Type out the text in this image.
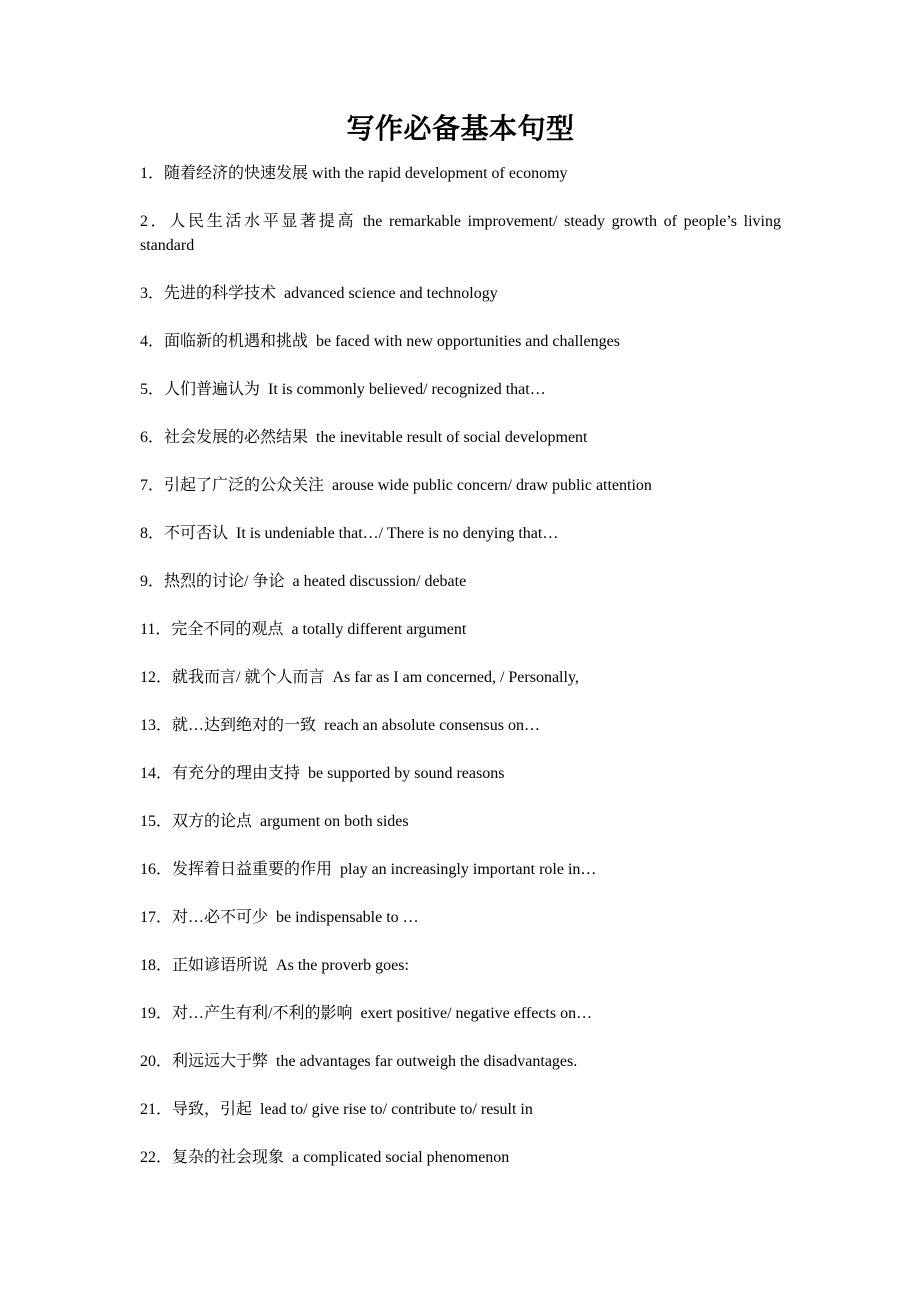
写作必备基本句型

1．随着经济的快速发展 with the rapid development of economy

2．人民生活水平显著提高 the remarkable improvement/ steady growth of people’s living standard

3．先进的科学技术 advanced science and technology

4．面临新的机遇和挑战 be faced with new opportunities and challenges

5．人们普遍认为 It is commonly believed/ recognized that…

6．社会发展的必然结果 the inevitable result of social development

7．引起了广泛的公众关注 arouse wide public concern/ draw public attention

8．不可否认 It is undeniable that…/ There is no denying that…

9．热烈的讨论/ 争论 a heated discussion/ debate

11．完全不同的观点 a totally different argument

12．就我而言/ 就个人而言 As far as I am concerned, / Personally,

13．就…达到绝对的一致 reach an absolute consensus on…

14．有充分的理由支持 be supported by sound reasons

15．双方的论点 argument on both sides

16．发挥着日益重要的作用 play an increasingly important role in…

17．对…必不可少 be indispensable to …

18．正如谚语所说 As the proverb goes:

19．对…产生有利/不利的影响 exert positive/ negative effects on…

20．利远远大于弊 the advantages far outweigh the disadvantages.

21．导致，引起 lead to/ give rise to/ contribute to/ result in

22．复杂的社会现象 a complicated social phenomenon
